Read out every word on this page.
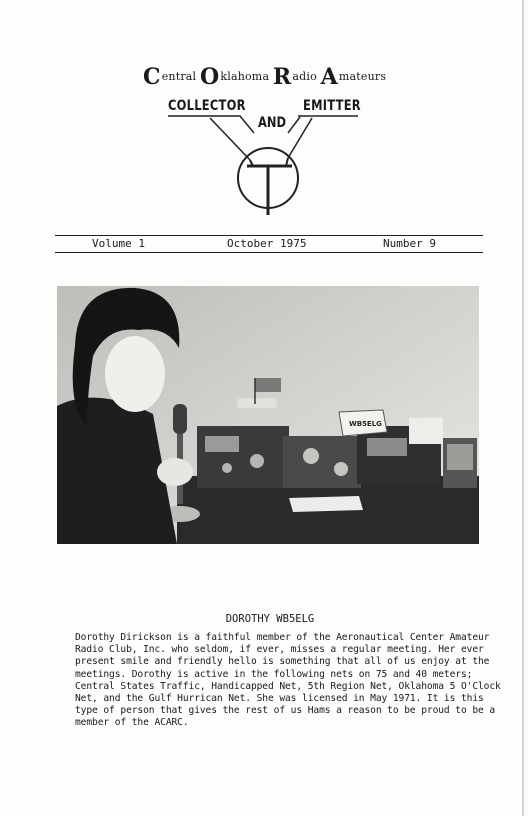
Central Oklahoma Radio Amateurs
COLLECTOR
AND
EMITTER
Volume 1	October 1975	Number 9
WB5ELG
DOROTHY WB5ELG

Dorothy Dirickson is a faithful member of the Aeronautical Center Amateur

Radio Club, Inc. who seldom, if ever, misses a regular meeting. Her ever

present smile and friendly hello is something that all of us enjoy at the

meetings. Dorothy is active in the following nets on 75 and 40 meters;

Central States Traffic, Handicapped Net, 5th Region Net, Oklahoma 5 O'Clock

Net, and the Gulf Hurrican Net. She was licensed in May 1971. It is this

type of person that gives the rest of us Hams a reason to be proud to be a

member of the ACARC.
